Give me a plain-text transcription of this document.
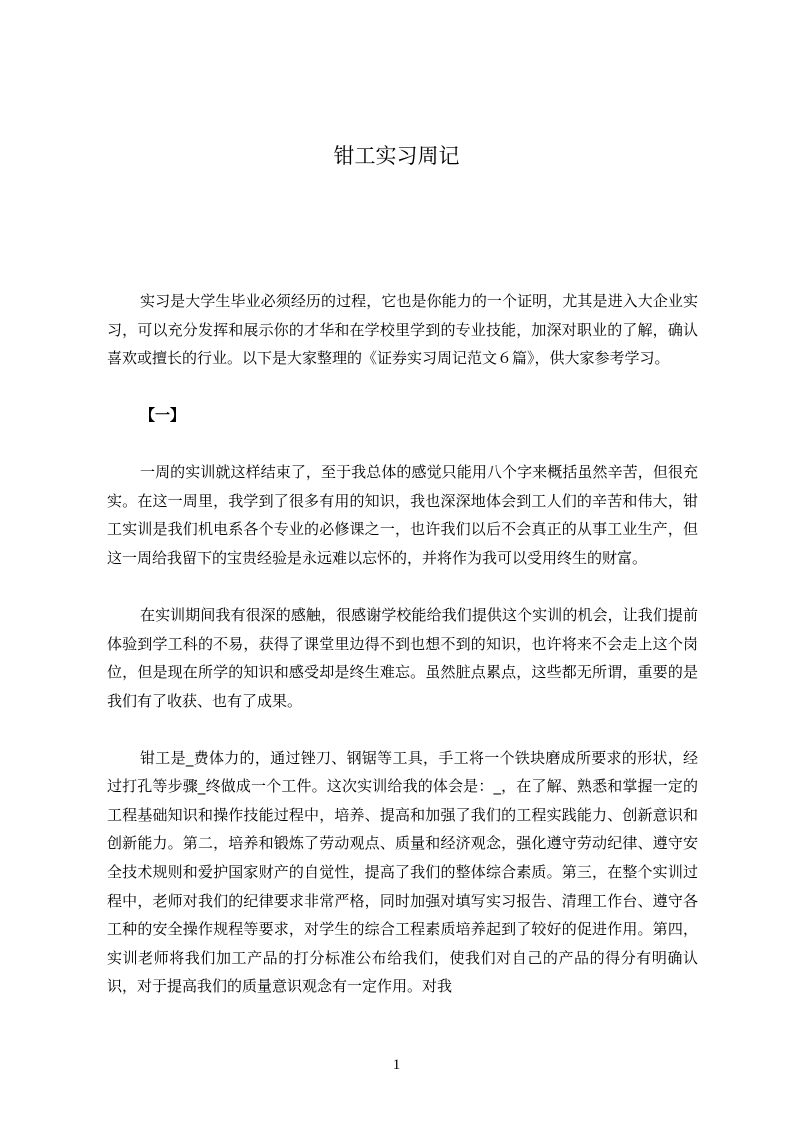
钳工实习周记

实习是大学生毕业必须经历的过程，它也是你能力的一个证明，尤其是进入大企业实习，可以充分发挥和展示你的才华和在学校里学到的专业技能，加深对职业的了解，确认喜欢或擅长的行业。以下是大家整理的《证券实习周记范文６篇》，供大家参考学习。

【一】

一周的实训就这样结束了，至于我总体的感觉只能用八个字来概括虽然辛苦，但很充实。在这一周里，我学到了很多有用的知识，我也深深地体会到工人们的辛苦和伟大，钳工实训是我们机电系各个专业的必修课之一，也许我们以后不会真正的从事工业生产，但这一周给我留下的宝贵经验是永远难以忘怀的，并将作为我可以受用终生的财富。

在实训期间我有很深的感触，很感谢学校能给我们提供这个实训的机会，让我们提前体验到学工科的不易，获得了课堂里边得不到也想不到的知识，也许将来不会走上这个岗位，但是现在所学的知识和感受却是终生难忘。虽然脏点累点，这些都无所谓，重要的是我们有了收获、也有了成果。

钳工是_费体力的，通过锉刀、钢锯等工具，手工将一个铁块磨成所要求的形状，经过打孔等步骤_终做成一个工件。这次实训给我的体会是：_，在了解、熟悉和掌握一定的工程基础知识和操作技能过程中，培养、提高和加强了我们的工程实践能力、创新意识和创新能力。第二，培养和锻炼了劳动观点、质量和经济观念，强化遵守劳动纪律、遵守安全技术规则和爱护国家财产的自觉性，提高了我们的整体综合素质。第三，在整个实训过程中，老师对我们的纪律要求非常严格，同时加强对填写实习报告、清理工作台、遵守各工种的安全操作规程等要求，对学生的综合工程素质培养起到了较好的促进作用。第四，实训老师将我们加工产品的打分标准公布给我们，使我们对自己的产品的得分有明确认识，对于提高我们的质量意识观念有一定作用。对我

1
